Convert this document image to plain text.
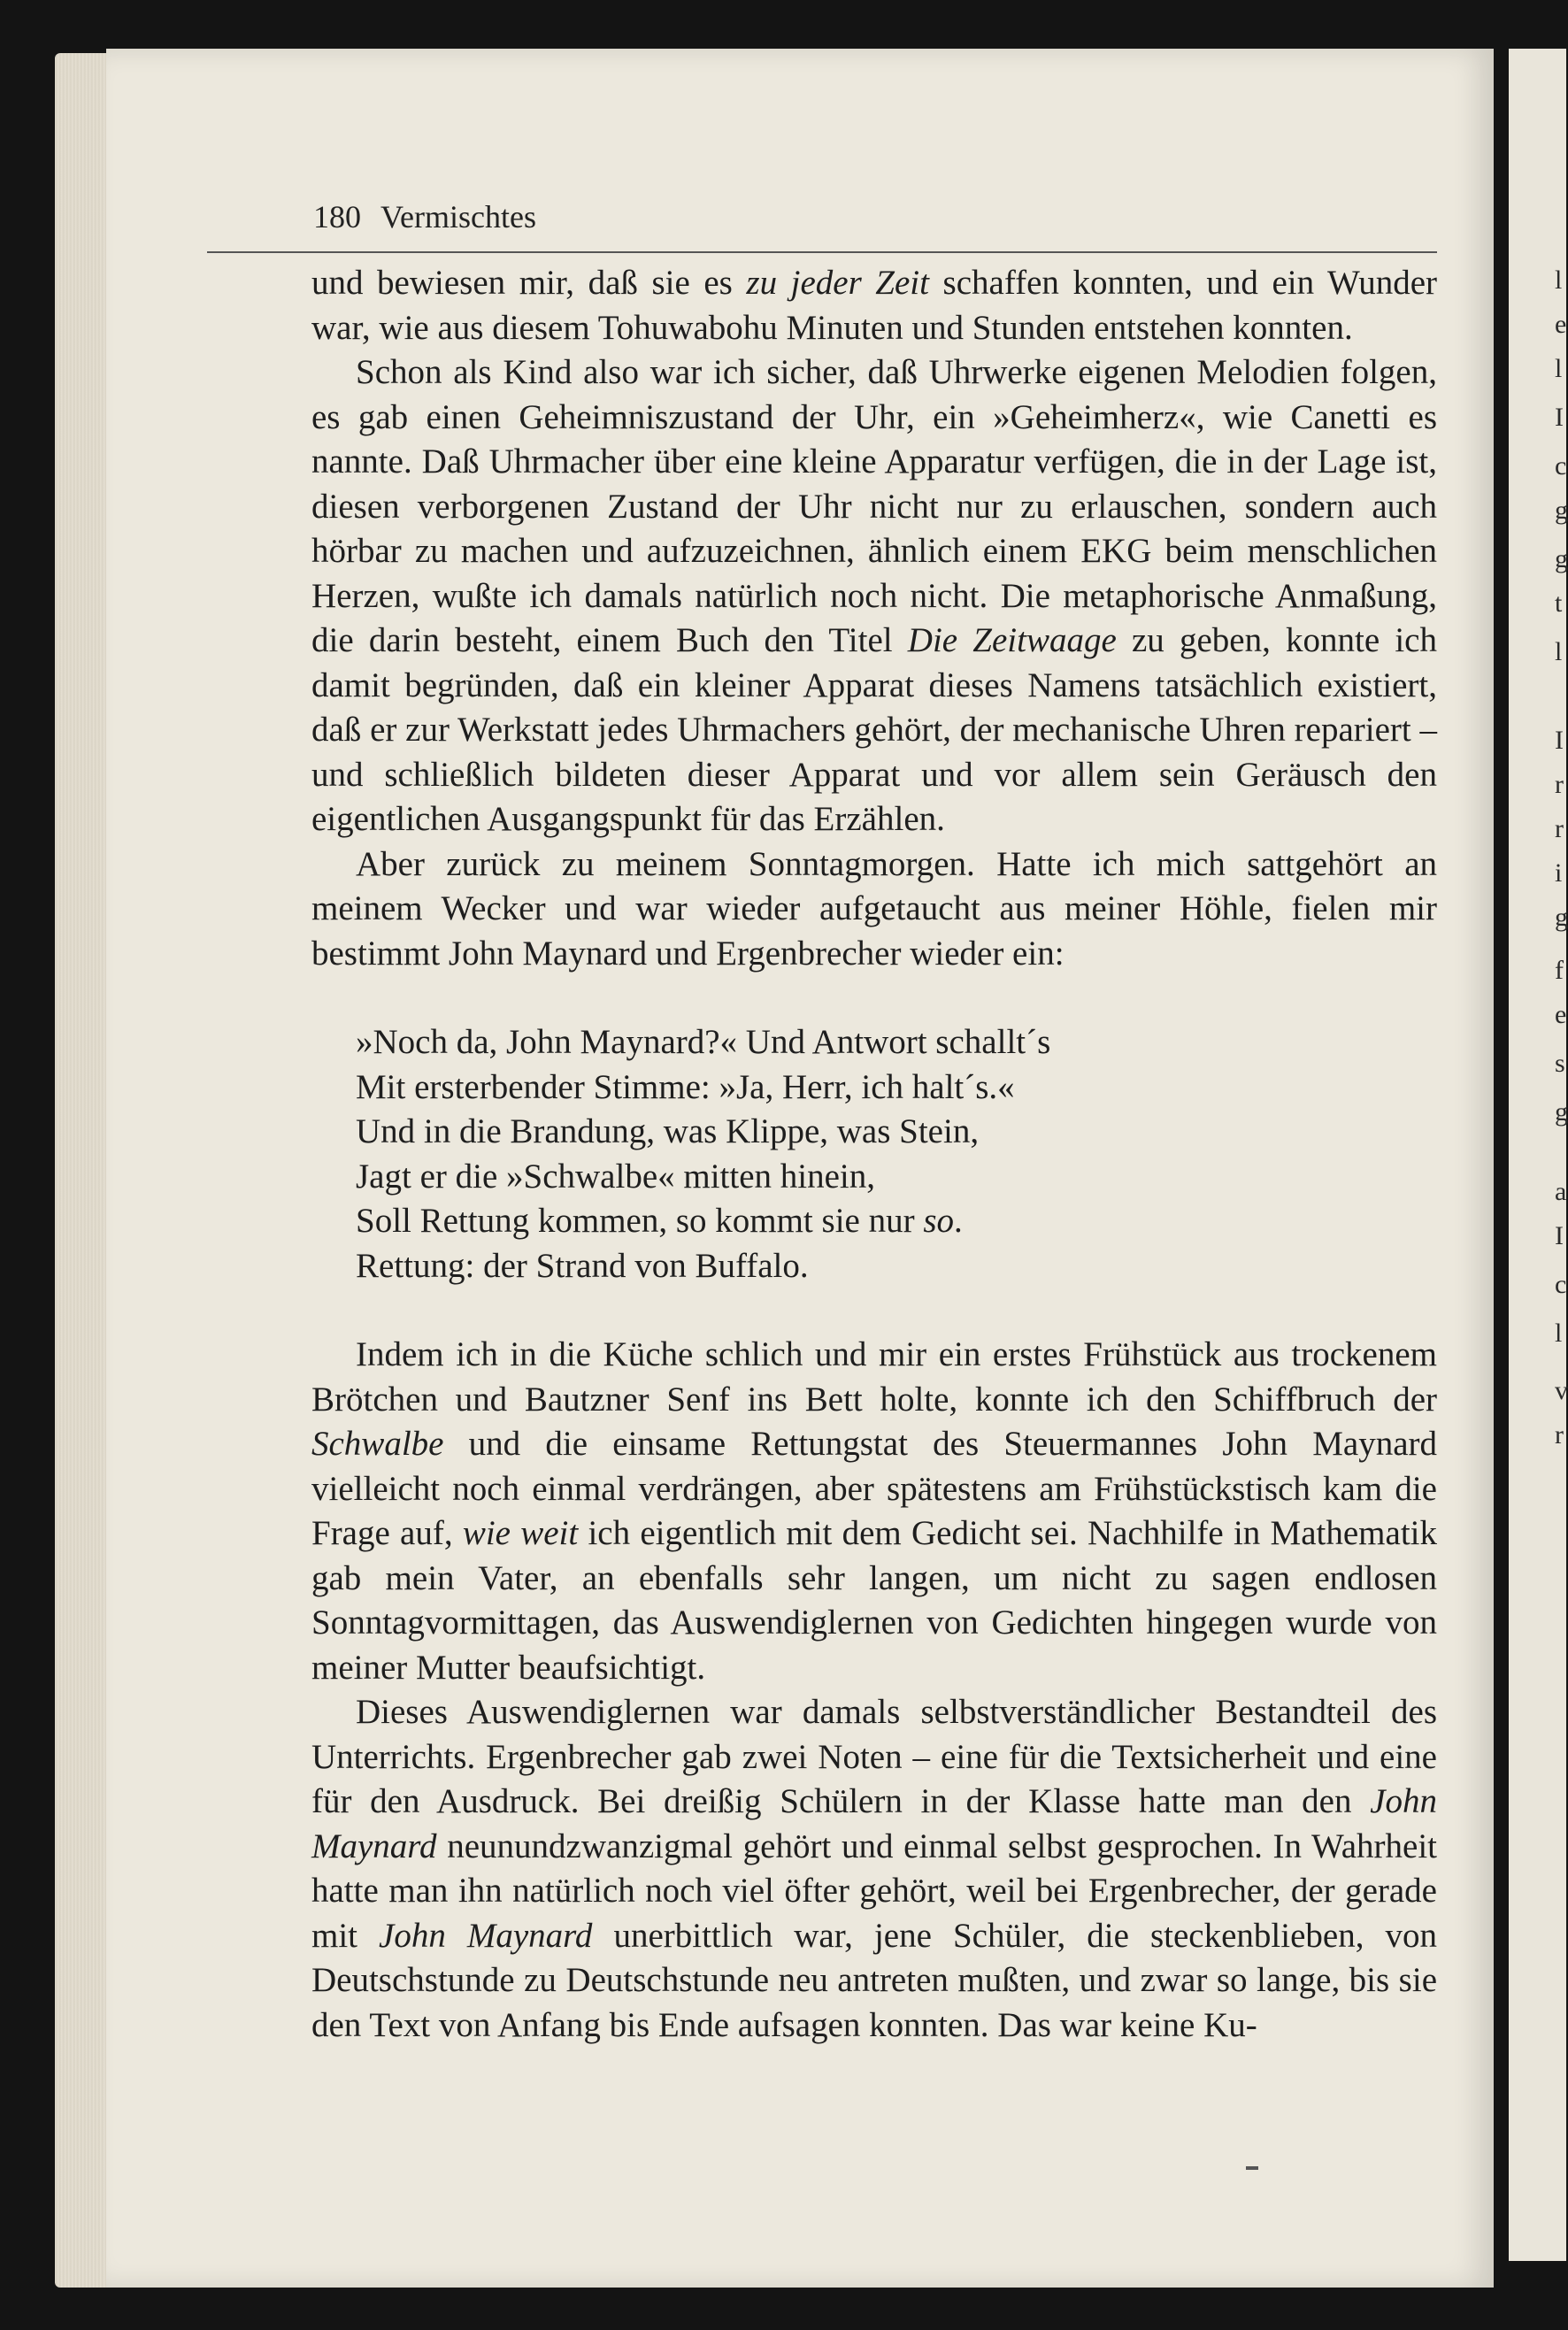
l
e
l
I
c
g
g
t
l
I
r
r
i
g
f
e
s
g
a
I
c
l
v
r
180 Vermischtes

und bewiesen mir, daß sie es zu jeder Zeit schaffen konnten, und ein Wunder war, wie aus diesem Tohuwabohu Minuten und Stunden entstehen konnten.

Schon als Kind also war ich sicher, daß Uhrwerke eigenen Melodien folgen, es gab einen Geheimniszustand der Uhr, ein »Geheimherz«, wie Canetti es nannte. Daß Uhrmacher über eine kleine Apparatur verfügen, die in der Lage ist, diesen verborgenen Zustand der Uhr nicht nur zu erlauschen, sondern auch hörbar zu machen und aufzuzeichnen, ähnlich einem EKG beim menschlichen Herzen, wußte ich damals natürlich noch nicht. Die metaphorische Anmaßung, die darin besteht, einem Buch den Titel Die Zeitwaage zu geben, konnte ich damit begründen, daß ein kleiner Apparat dieses Namens tatsächlich existiert, daß er zur Werkstatt jedes Uhrmachers gehört, der mechanische Uhren repariert – und schließlich bildeten dieser Apparat und vor allem sein Geräusch den eigentlichen Ausgangspunkt für das Erzählen.

Aber zurück zu meinem Sonntagmorgen. Hatte ich mich sattgehört an meinem Wecker und war wieder aufgetaucht aus meiner Höhle, fielen mir bestimmt John Maynard und Ergenbrecher wieder ein:

»Noch da, John Maynard?« Und Antwort schallt´s
Mit ersterbender Stimme: »Ja, Herr, ich halt´s.«
Und in die Brandung, was Klippe, was Stein,
Jagt er die »Schwalbe« mitten hinein,
Soll Rettung kommen, so kommt sie nur so.
Rettung: der Strand von Buffalo.

Indem ich in die Küche schlich und mir ein erstes Frühstück aus trockenem Brötchen und Bautzner Senf ins Bett holte, konnte ich den Schiffbruch der Schwalbe und die einsame Rettungstat des Steuermannes John Maynard vielleicht noch einmal verdrängen, aber spätestens am Frühstückstisch kam die Frage auf, wie weit ich eigentlich mit dem Gedicht sei. Nachhilfe in Mathematik gab mein Vater, an ebenfalls sehr langen, um nicht zu sagen endlosen Sonntagvormittagen, das Auswendiglernen von Gedichten hingegen wurde von meiner Mutter beaufsichtigt.

Dieses Auswendiglernen war damals selbstverständlicher Bestandteil des Unterrichts. Ergenbrecher gab zwei Noten – eine für die Textsicherheit und eine für den Ausdruck. Bei dreißig Schülern in der Klasse hatte man den John Maynard neunundzwanzigmal gehört und einmal selbst gesprochen. In Wahrheit hatte man ihn natürlich noch viel öfter gehört, weil bei Ergenbrecher, der gerade mit John Maynard unerbittlich war, jene Schüler, die steckenblieben, von Deutschstunde zu Deutschstunde neu antreten mußten, und zwar so lange, bis sie den Text von Anfang bis Ende aufsagen konnten. Das war keine Ku-
